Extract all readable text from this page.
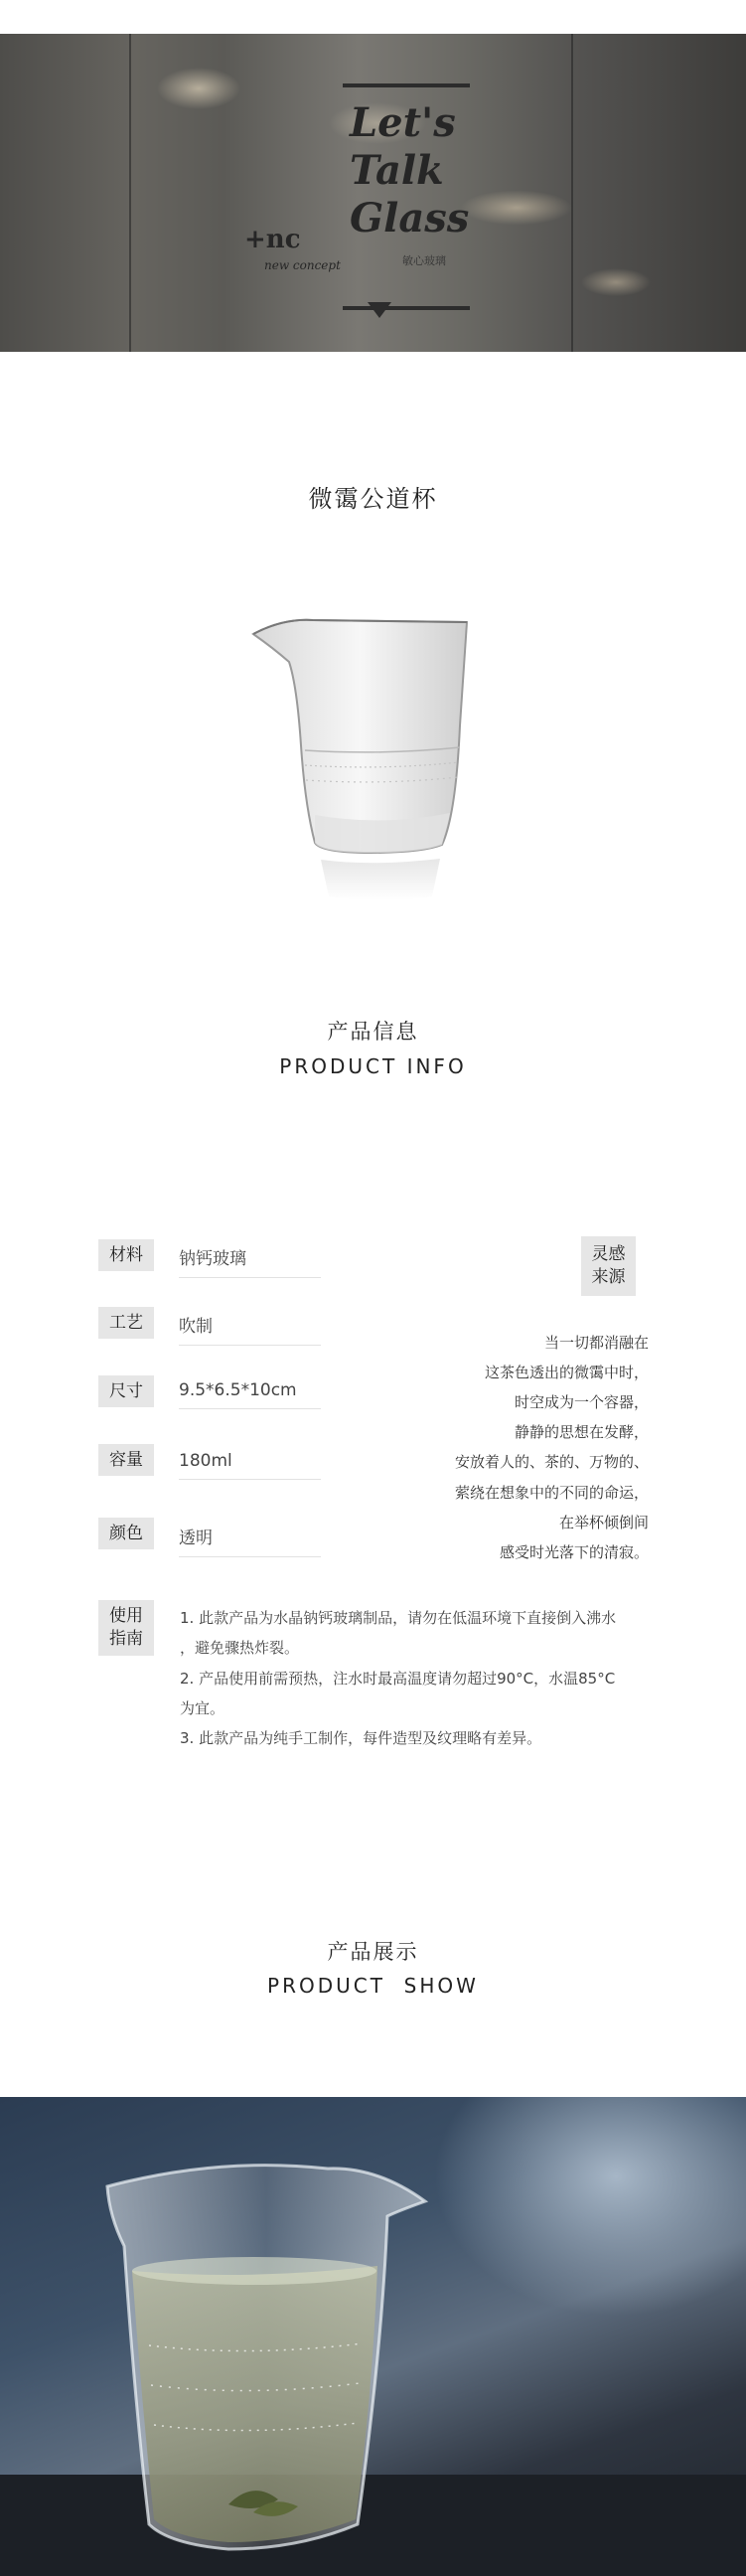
Let's
Talk
Glass
+nc
new concept	敏心玻璃
微霭公道杯
产品信息
PRODUCT INFO
材料	钠钙玻璃
工艺	吹制
尺寸	9.5*6.5*10cm
容量	180ml
颜色	透明
灵感来源
当一切都消融在
这茶色透出的微霭中时，
时空成为一个容器，
静静的思想在发酵，
安放着人的、茶的、万物的、
萦绕在想象中的不同的命运，
在举杯倾倒间
感受时光落下的清寂。
使用指南
1. 此款产品为水晶钠钙玻璃制品，请勿在低温环境下直接倒入沸水
，避免骤热炸裂。
2. 产品使用前需预热，注水时最高温度请勿超过90°C，水温85°C
为宜。
3. 此款产品为纯手工制作，每件造型及纹理略有差异。
产品展示
PRODUCT  SHOW
